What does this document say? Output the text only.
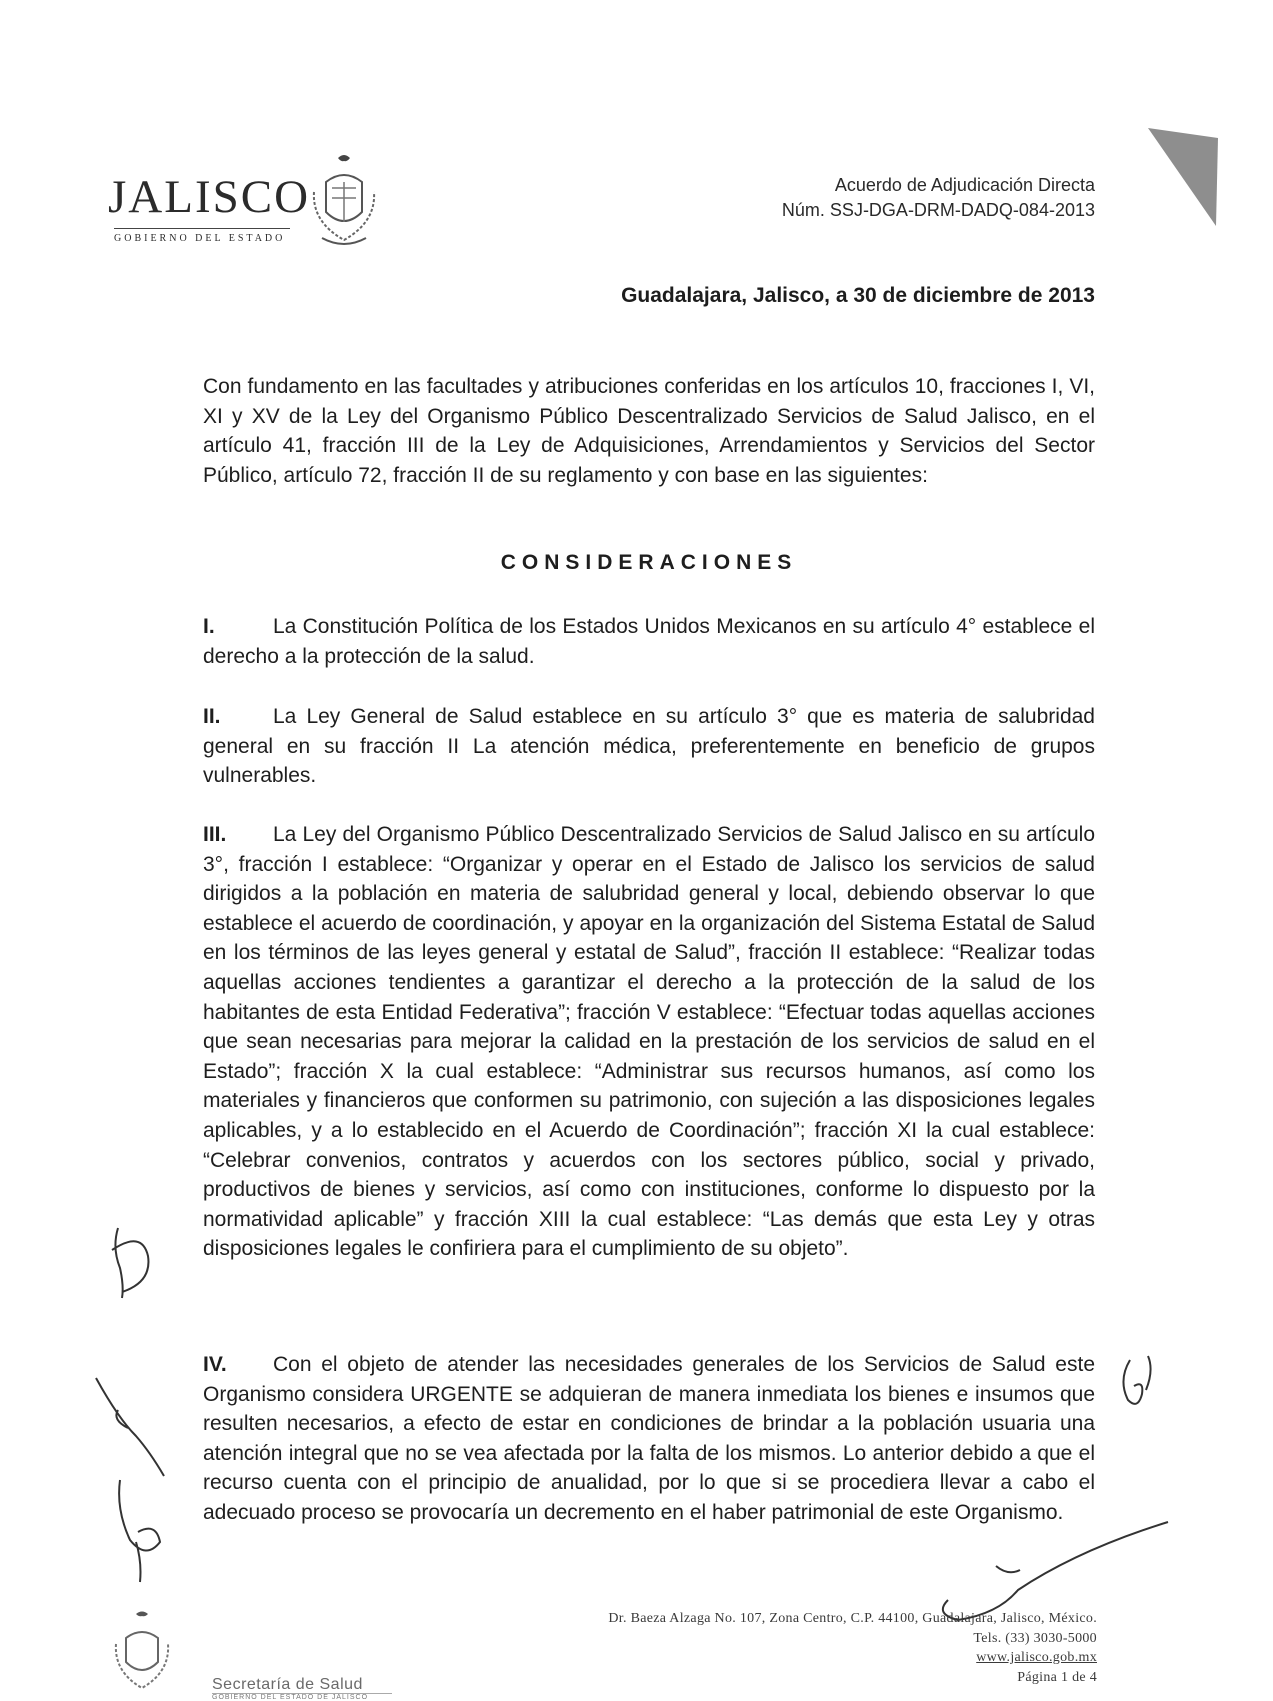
JALISCO
GOBIERNO DEL ESTADO
Acuerdo de Adjudicación Directa
Núm. SSJ-DGA-DRM-DADQ-084-2013
Guadalajara, Jalisco, a 30 de diciembre de 2013
Con fundamento en las facultades y atribuciones conferidas en los artículos 10, fracciones I, VI, XI y XV de la Ley del Organismo Público Descentralizado Servicios de Salud Jalisco, en el artículo 41, fracción III de la Ley de Adquisiciones, Arrendamientos y Servicios del Sector Público, artículo 72, fracción II de su reglamento y con base en las siguientes:
CONSIDERACIONES
I.	La Constitución Política de los Estados Unidos Mexicanos en su artículo 4° establece el derecho a la protección de la salud.
II. La Ley General de Salud establece en su artículo 3° que es materia de salubridad general en su fracción II La atención médica, preferentemente en beneficio de grupos vulnerables.
III. La Ley del Organismo Público Descentralizado Servicios de Salud Jalisco en su artículo 3°, fracción I establece: “Organizar y operar en el Estado de Jalisco los servicios de salud dirigidos a la población en materia de salubridad general y local, debiendo observar lo que establece el acuerdo de coordinación, y apoyar en la organización del Sistema Estatal de Salud en los términos de las leyes general y estatal de Salud”, fracción II establece: “Realizar todas aquellas acciones tendientes a garantizar el derecho a la protección de la salud de los habitantes de esta Entidad Federativa”; fracción V establece: “Efectuar todas aquellas acciones que sean necesarias para mejorar la calidad en la prestación de los servicios de salud en el Estado”; fracción X la cual establece: “Administrar sus recursos humanos, así como los materiales y financieros que conformen su patrimonio, con sujeción a las disposiciones legales aplicables, y a lo establecido en el Acuerdo de Coordinación”; fracción XI la cual establece: “Celebrar convenios, contratos y acuerdos con los sectores público, social y privado, productivos de bienes y servicios, así como con instituciones, conforme lo dispuesto por la normatividad aplicable” y fracción XIII la cual establece: “Las demás que esta Ley y otras disposiciones legales le confiriera para el cumplimiento de su objeto”.
IV. Con el objeto de atender las necesidades generales de los Servicios de Salud este Organismo considera URGENTE se adquieran de manera inmediata los bienes e insumos que resulten necesarios, a efecto de estar en condiciones de brindar a la población usuaria una atención integral que no se vea afectada por la falta de los mismos. Lo anterior debido a que el recurso cuenta con el principio de anualidad, por lo que si se procediera llevar a cabo el adecuado proceso se provocaría un decremento en el haber patrimonial de este Organismo.
Secretaría de Salud
GOBIERNO DEL ESTADO DE JALISCO
Dr. Baeza Alzaga No. 107, Zona Centro, C.P. 44100, Guadalajara, Jalisco, México.
Tels. (33) 3030-5000
www.jalisco.gob.mx
Página 1 de 4
